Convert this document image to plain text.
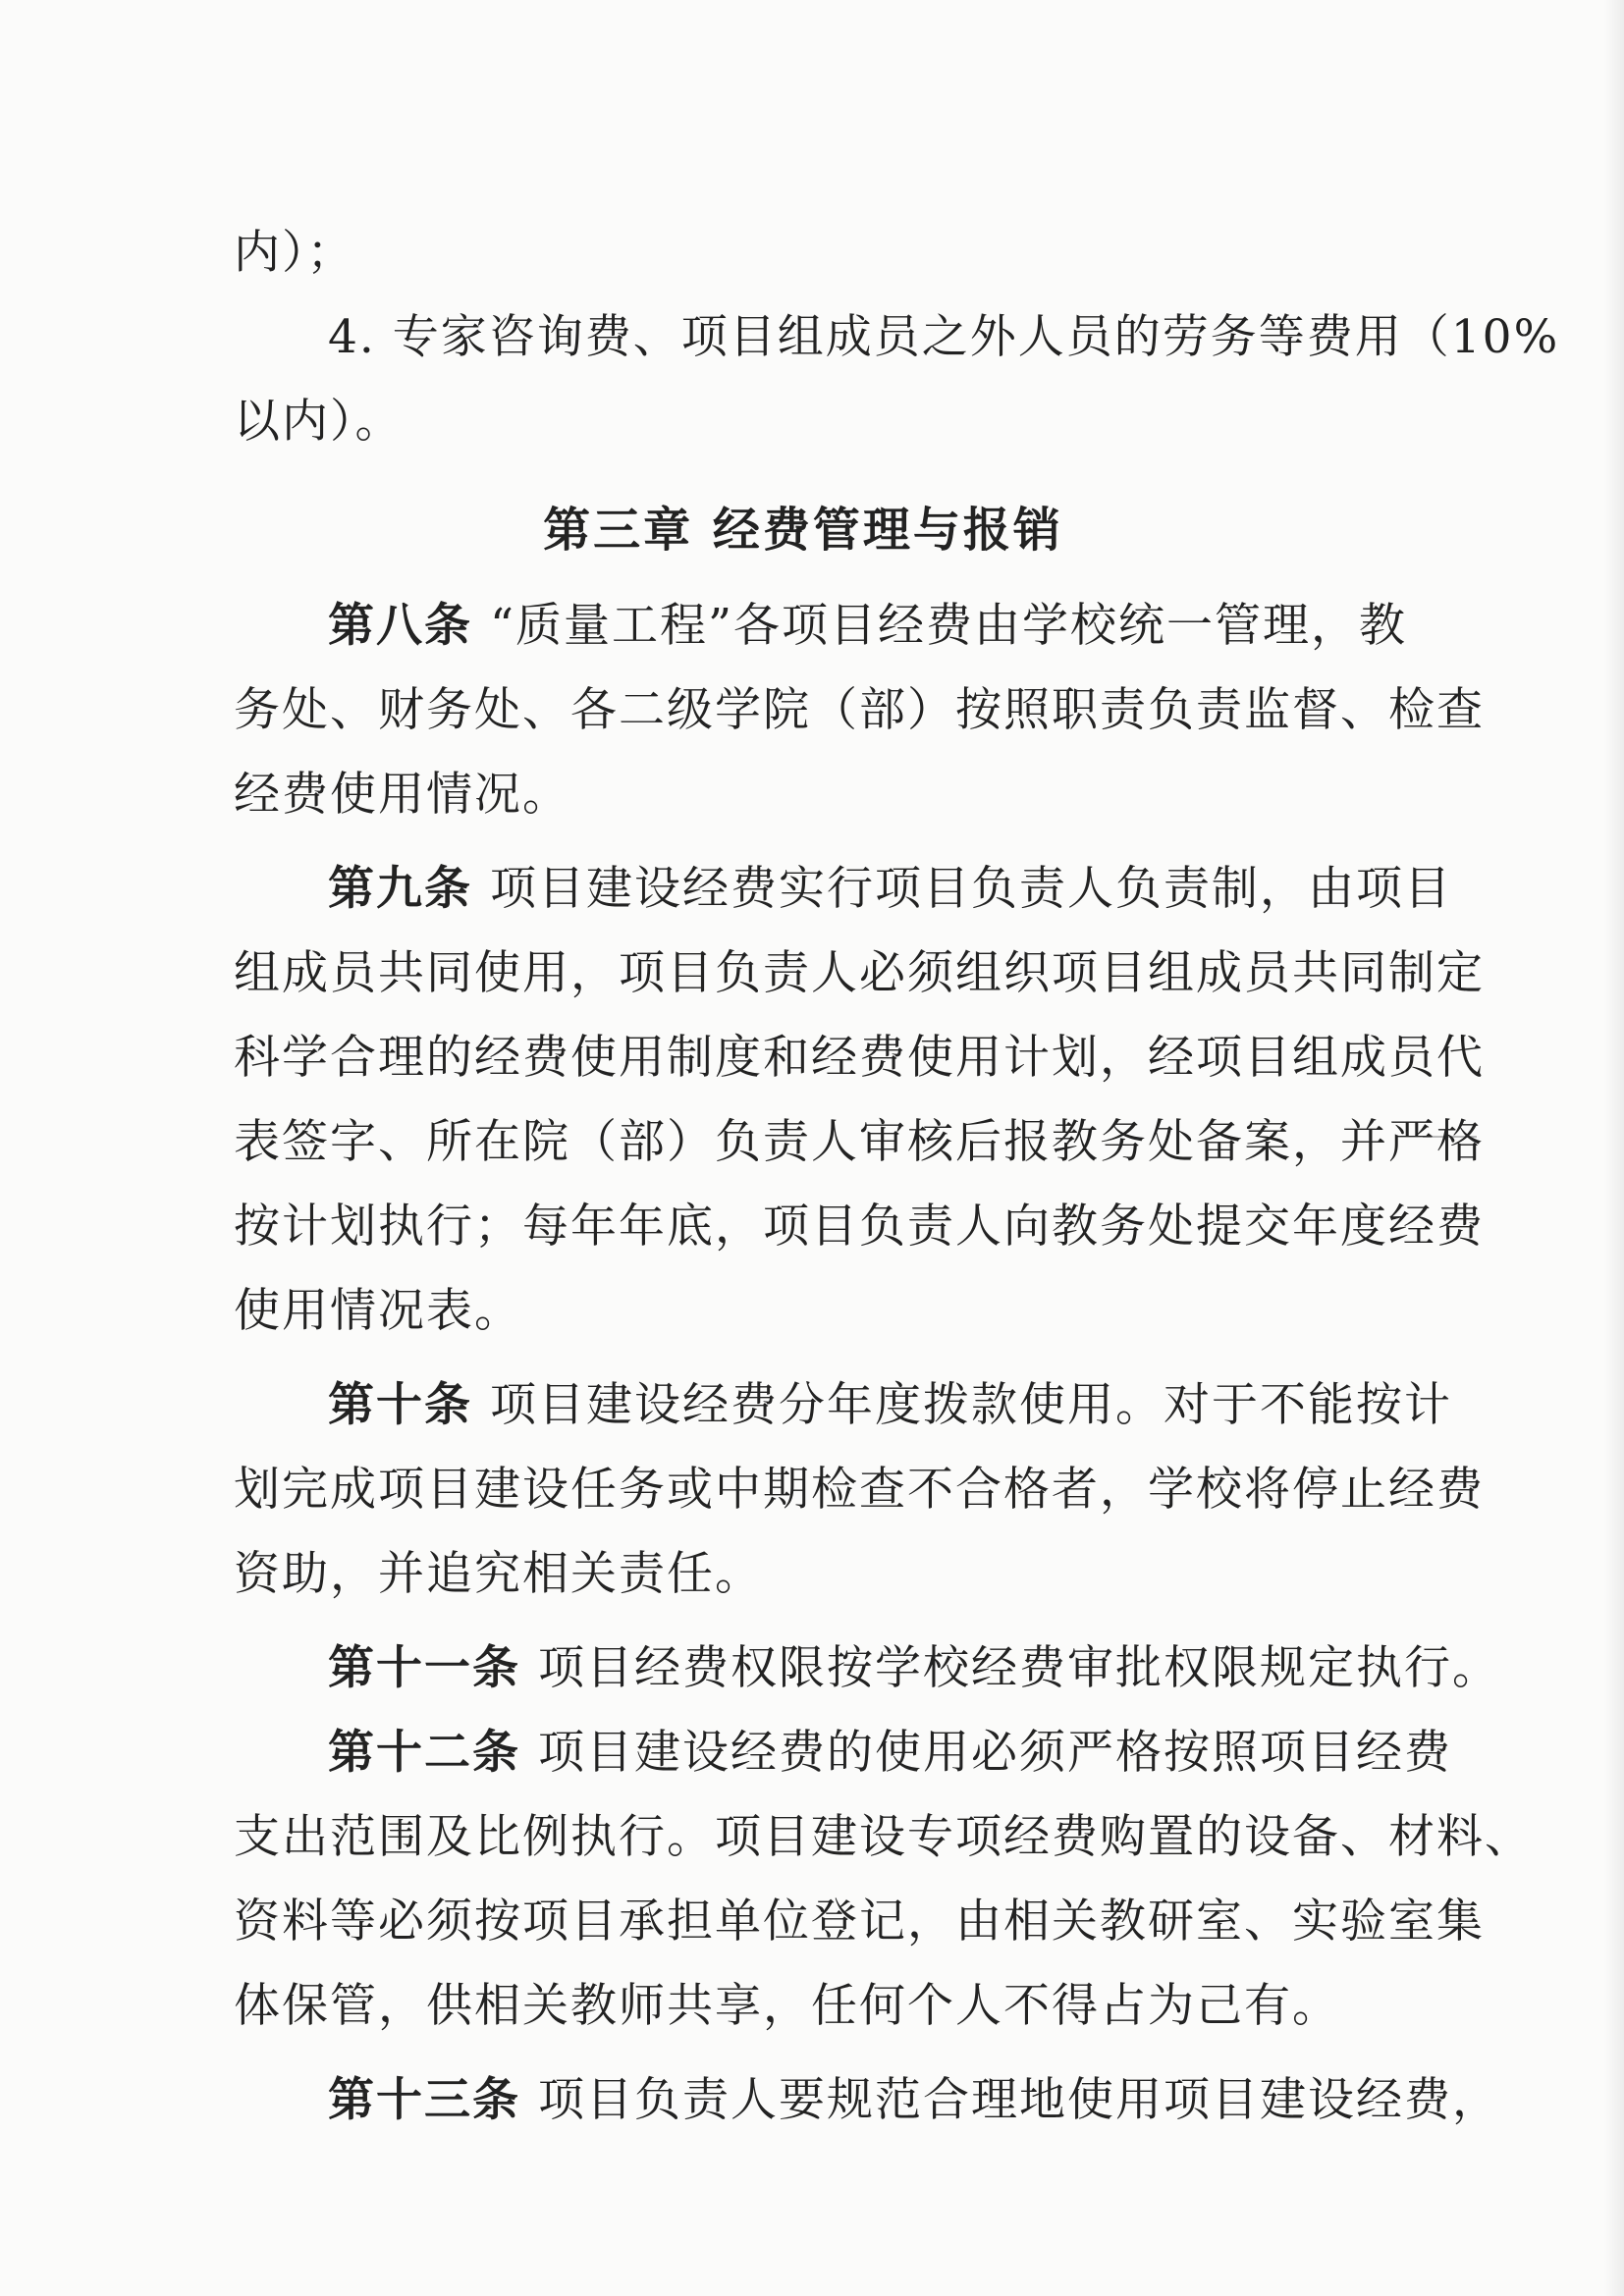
内）；
4. 专家咨询费、项目组成员之外人员的劳务等费用（10%
以内）。
第三章 经费管理与报销
第八条 “质量工程”各项目经费由学校统一管理，教
务处、财务处、各二级学院（部）按照职责负责监督、检查
经费使用情况。
第九条 项目建设经费实行项目负责人负责制，由项目
组成员共同使用，项目负责人必须组织项目组成员共同制定
科学合理的经费使用制度和经费使用计划，经项目组成员代
表签字、所在院（部）负责人审核后报教务处备案，并严格
按计划执行；每年年底，项目负责人向教务处提交年度经费
使用情况表。
第十条 项目建设经费分年度拨款使用。对于不能按计
划完成项目建设任务或中期检查不合格者，学校将停止经费
资助，并追究相关责任。
第十一条 项目经费权限按学校经费审批权限规定执行。
第十二条 项目建设经费的使用必须严格按照项目经费
支出范围及比例执行。项目建设专项经费购置的设备、材料、
资料等必须按项目承担单位登记，由相关教研室、实验室集
体保管，供相关教师共享，任何个人不得占为己有。
第十三条 项目负责人要规范合理地使用项目建设经费，
